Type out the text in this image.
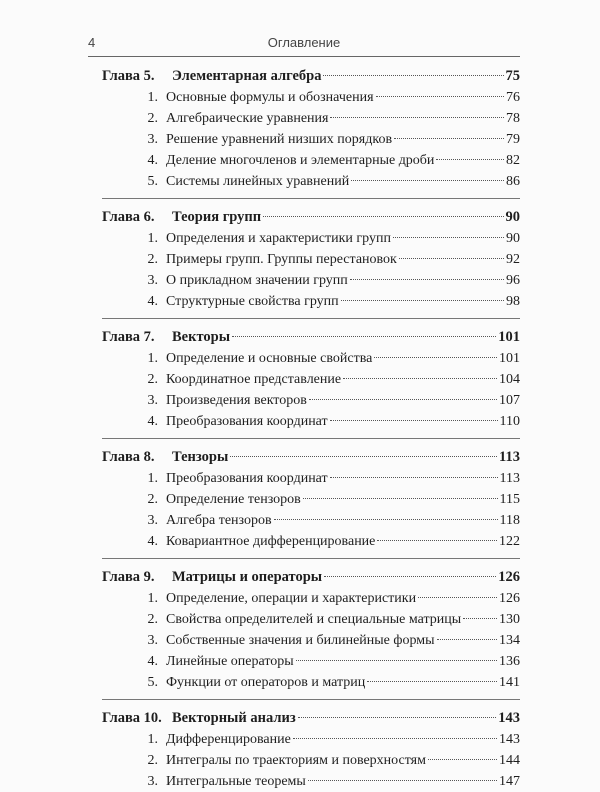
4	Оглавление
Глава 5.	Элементарная алгебра	75
1. Основные формулы и обозначения	76
2. Алгебраические уравнения	78
3. Решение уравнений низших порядков	79
4. Деление многочленов и элементарные дроби	82
5. Системы линейных уравнений	86
Глава 6.	Теория групп	90
1. Определения и характеристики групп	90
2. Примеры групп. Группы перестановок	92
3. О прикладном значении групп	96
4. Структурные свойства групп	98
Глава 7.	Векторы	101
1. Определение и основные свойства	101
2. Координатное представление	104
3. Произведения векторов	107
4. Преобразования координат	110
Глава 8.	Тензоры	113
1. Преобразования координат	113
2. Определение тензоров	115
3. Алгебра тензоров	118
4. Ковариантное дифференцирование	122
Глава 9.	Матрицы и операторы	126
1. Определение, операции и характеристики	126
2. Свойства определителей и специальные матрицы	130
3. Собственные значения и билинейные формы	134
4. Линейные операторы	136
5. Функции от операторов и матриц	141
Глава 10. Векторный анализ	143
1. Дифференцирование	143
2. Интегралы по траекториям и поверхностям	144
3. Интегральные теоремы	147
